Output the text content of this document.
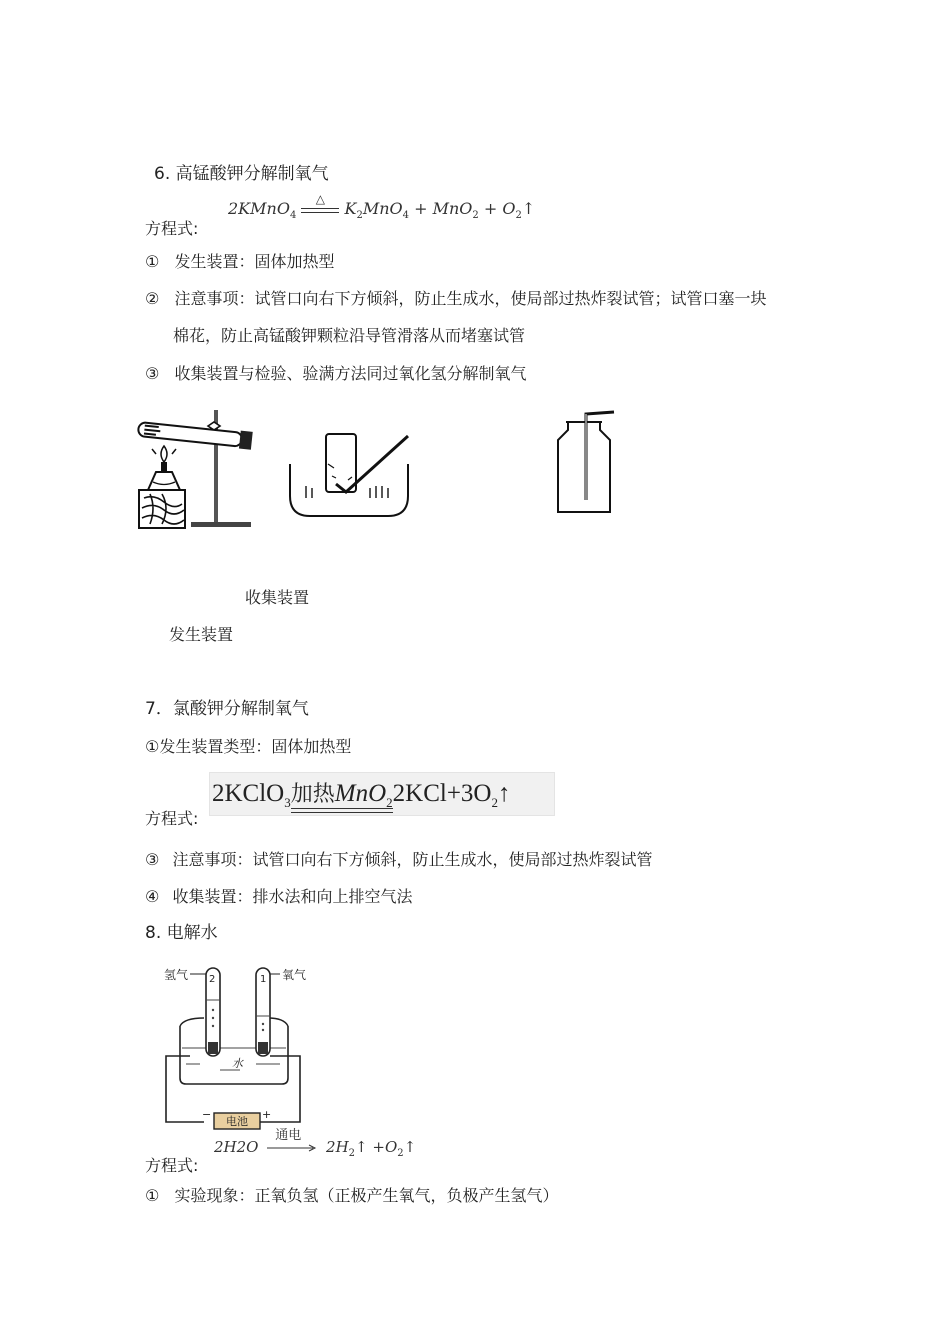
6. 高锰酸钾分解制氧气
方程式:
2KMnO$_4$
△	$K_2MnO_4 + MnO_2$ + $O_2↑$
① 发生装置：固体加热型
② 注意事项：试管口向右下方倾斜，防止生成水，使局部过热炸裂试管；试管口塞一块
棉花，防止高锰酸钾颗粒沿导管滑落从而堵塞试管
③ 收集装置与检验、验满方法同过氧化氢分解制氧气
收集装置
发生装置
7．氯酸钾分解制氧气
①发生装置类型：固体加热型
方程式:
2KClO$_3$加热MnO$_2$
$2KCl+3O_2↑$
③ 注意事项：试管口向右下方倾斜，防止生成水，使局部过热炸裂试管
④ 收集装置：排水法和向上排空气法
8. 电解水
氢气	氧气
2	1
水
电池
−	+
方程式:
2H2O
通电
$2H_2↑$ $+O_2↑$
① 实验现象：正氧负氢（正极产生氧气，负极产生氢气）
